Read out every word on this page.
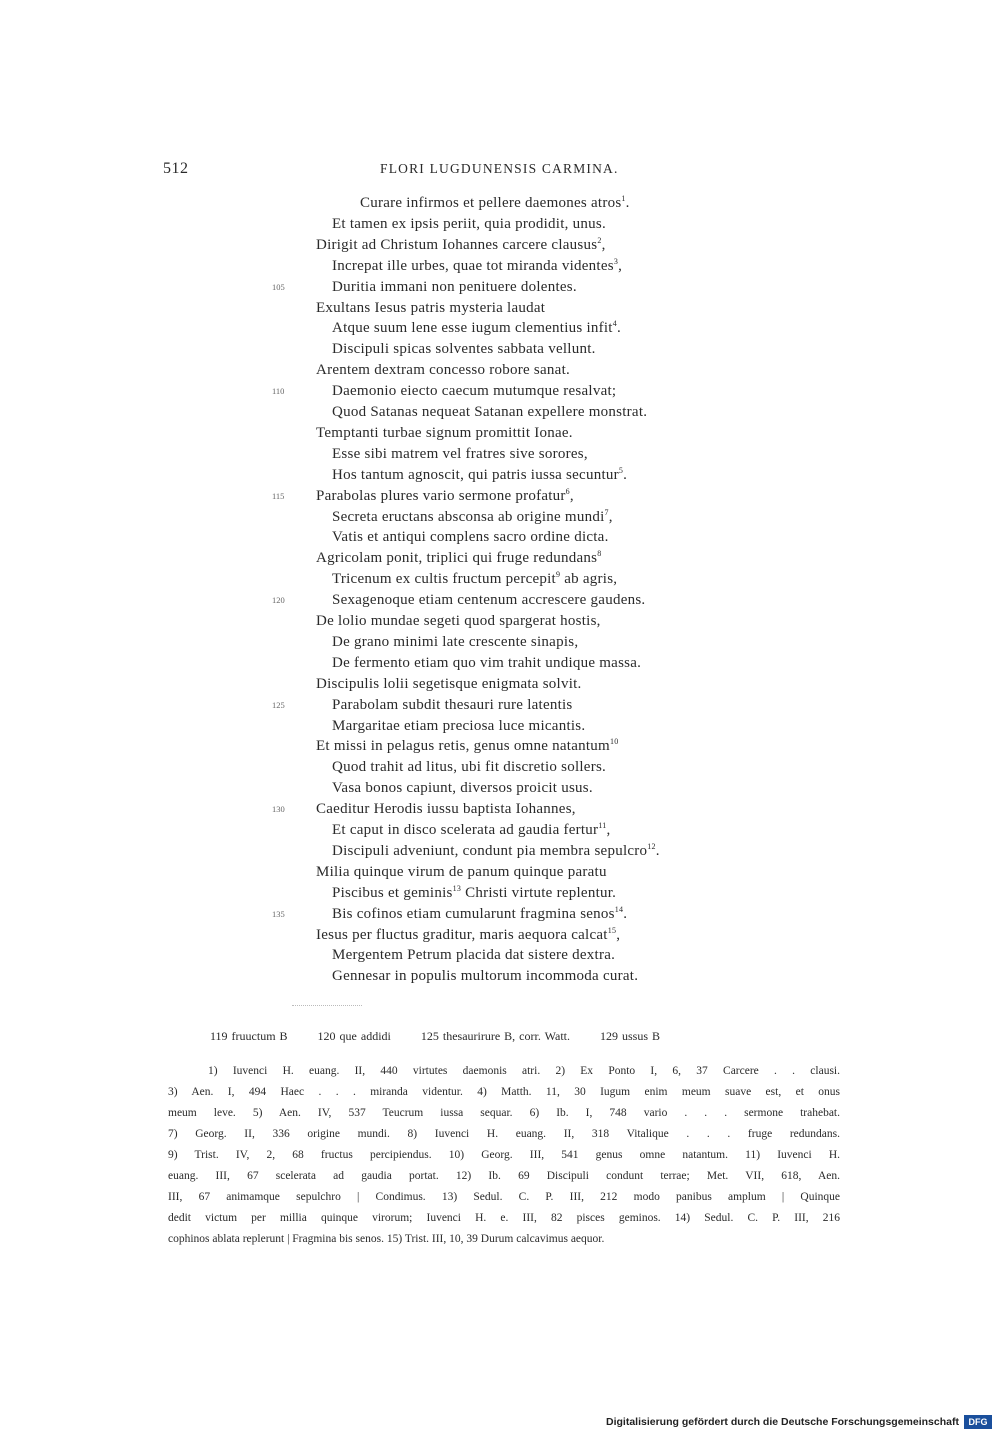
512	FLORI LUGDUNENSIS CARMINA.
Curare infirmos et pellere daemones atros$^1$.
Et tamen ex ipsis periit, quia prodidit, unus.
Dirigit ad Christum Iohannes carcere clausus$^2$,
Increpat ille urbes, quae tot miranda videntes$^3$,
Duritia immani non penituere dolentes.
Exultans Iesus patris mysteria laudat
Atque suum lene esse iugum clementius infit$^4$.
Discipuli spicas solventes sabbata vellunt.
Arentem dextram concesso robore sanat.
Daemonio eiecto caecum mutumque resalvat;
Quod Satanas nequeat Satanan expellere monstrat.
Temptanti turbae signum promittit Ionae.
Esse sibi matrem vel fratres sive sorores,
Hos tantum agnoscit, qui patris iussa secuntur$^5$.
Parabolas plures vario sermone profatur$^6$,
Secreta eructans absconsa ab origine mundi$^7$,
Vatis et antiqui complens sacro ordine dicta.
Agricolam ponit, triplici qui fruge redundans$^8$
Tricenum ex cultis fructum percepit$^9$ ab agris,
Sexagenoque etiam centenum accrescere gaudens.
De lolio mundae segeti quod spargerat hostis,
De grano minimi late crescente sinapis,
De fermento etiam quo vim trahit undique massa.
Discipulis lolii segetisque enigmata solvit.
Parabolam subdit thesauri rure latentis
Margaritae etiam preciosa luce micantis.
Et missi in pelagus retis, genus omne natantum$^{10}$
Quod trahit ad litus, ubi fit discretio sollers.
Vasa bonos capiunt, diversos proicit usus.
Caeditur Herodis iussu baptista Iohannes,
Et caput in disco scelerata ad gaudia fertur$^{11}$,
Discipuli adveniunt, condunt pia membra sepulcro$^{12}$.
Milia quinque virum de panum quinque paratu
Piscibus et geminis$^{13}$ Christi virtute replentur.
Bis cofinos etiam cumularunt fragmina senos$^{14}$.
Iesus per fluctus graditur, maris aequora calcat$^{15}$,
Mergentem Petrum placida dat sistere dextra.
Gennesar in populis multorum incommoda curat.
105
110
115
120
125
130
135
119 fruuctum B	120 que addidi	125 thesaurirure B, corr. Watt.	129 ussus B
1) Iuvenci H. euang. II, 440 virtutes daemonis atri. 2) Ex Ponto I, 6, 37 Carcere . . clausi.
3) Aen. I, 494 Haec . . . miranda videntur. 4) Matth. 11, 30 Iugum enim meum suave est, et onus
meum leve. 5) Aen. IV, 537 Teucrum iussa sequar. 6) Ib. I, 748 vario . . . sermone trahebat.
7) Georg. II, 336 origine mundi. 8) Iuvenci H. euang. II, 318 Vitalique . . . fruge redundans.
9) Trist. IV, 2, 68 fructus percipiendus. 10) Georg. III, 541 genus omne natantum. 11) Iuvenci H.
euang. III, 67 scelerata ad gaudia portat. 12) Ib. 69 Discipuli condunt terrae; Met. VII, 618, Aen.
III, 67 animamque sepulchro | Condimus. 13) Sedul. C. P. III, 212 modo panibus amplum | Quinque
dedit victum per millia quinque virorum; Iuvenci H. e. III, 82 pisces geminos. 14) Sedul. C. P. III, 216
cophinos ablata replerunt | Fragmina bis senos. 15) Trist. III, 10, 39 Durum calcavimus aequor.
Digitalisierung gefördert durch die Deutsche Forschungsgemeinschaft	DFG
